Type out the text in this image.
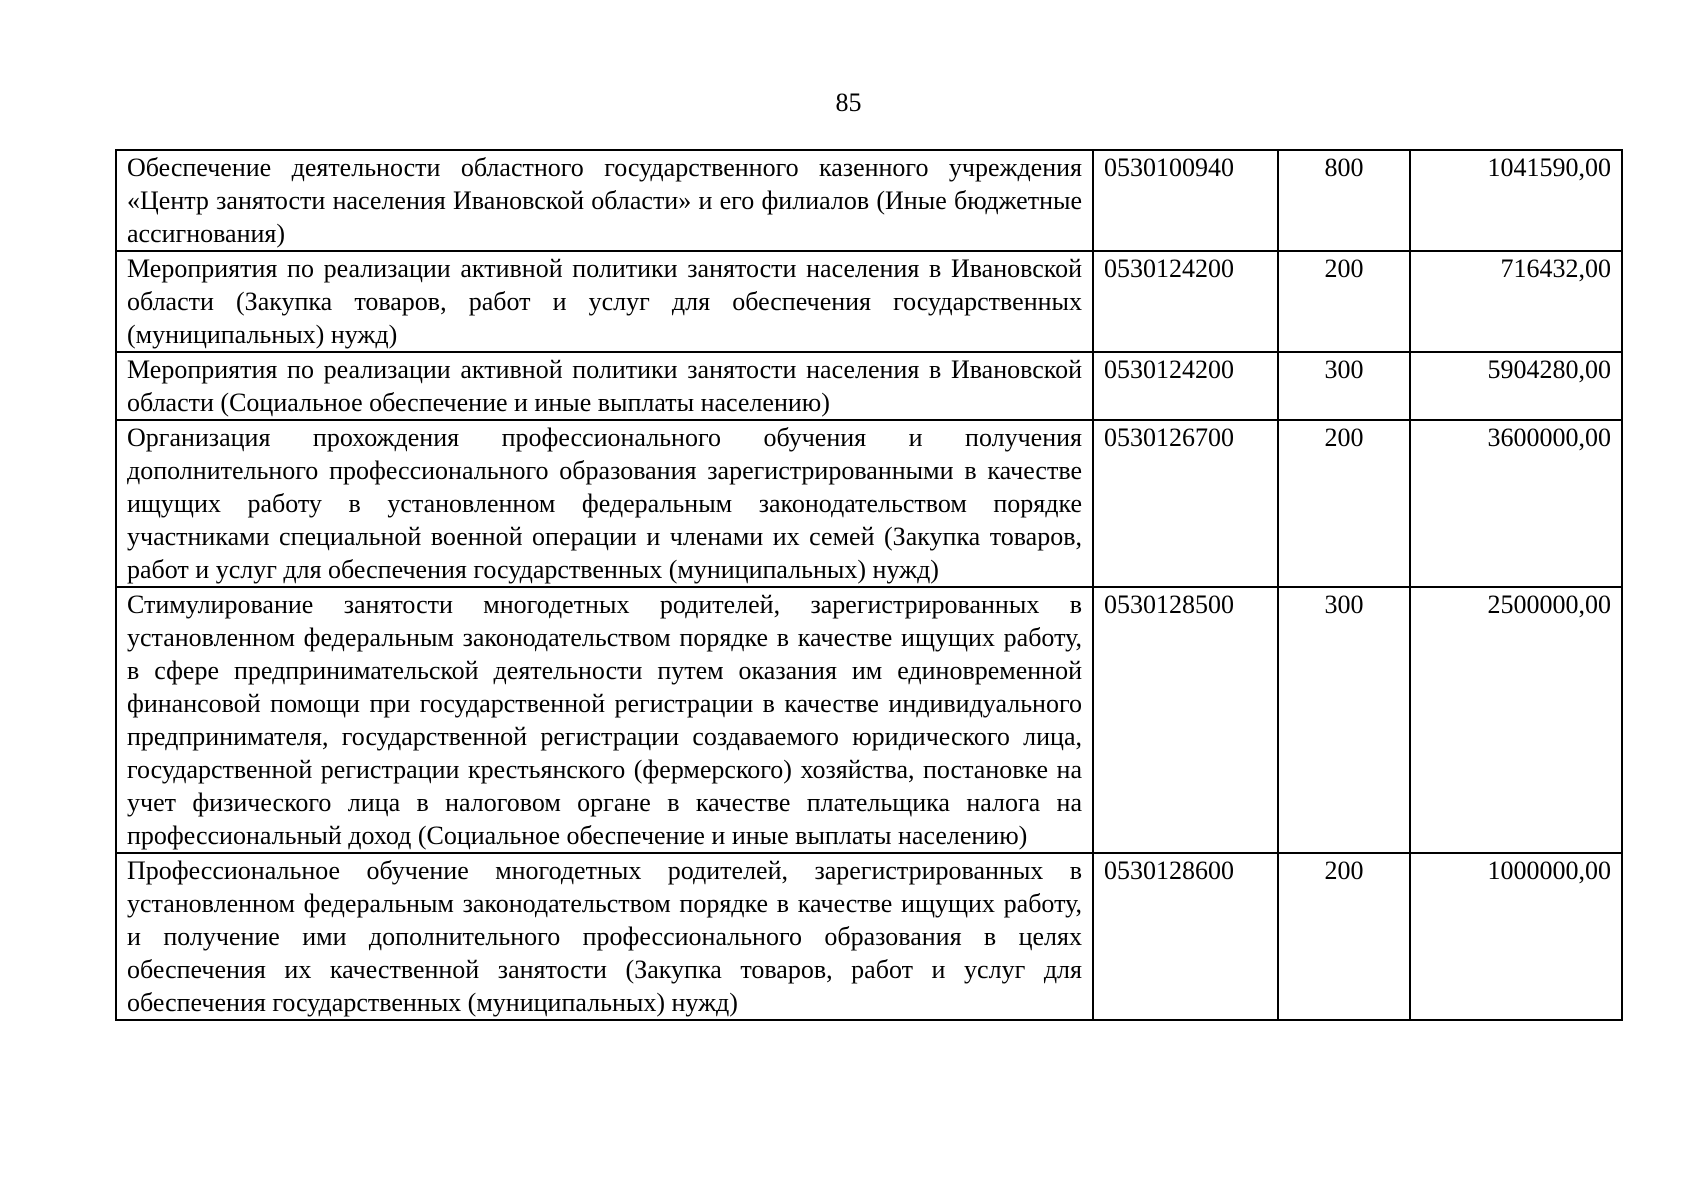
85
Обеспечение деятельности областного государственного казенного учреждения «Центр занятости населения Ивановской области» и его филиалов (Иные бюджетные ассигнования)	0530100940	800	1041590,00
Мероприятия по реализации активной политики занятости населения в Ивановской области (Закупка товаров, работ и услуг для обеспечения государственных (муниципальных) нужд)	0530124200	200	716432,00
Мероприятия по реализации активной политики занятости населения в Ивановской области (Социальное обеспечение и иные выплаты населению)	0530124200	300	5904280,00
Организация прохождения профессионального обучения и получения дополнительного профессионального образования зарегистрированными в качестве ищущих работу в установленном федеральным законодательством порядке участниками специальной военной операции и членами их семей (Закупка товаров, работ и услуг для обеспечения государственных (муниципальных) нужд)	0530126700	200	3600000,00
Стимулирование занятости многодетных родителей, зарегистрированных в установленном федеральным законодательством порядке в качестве ищущих работу, в сфере предпринимательской деятельности путем оказания им единовременной финансовой помощи при государственной регистрации в качестве индивидуального предпринимателя, государственной регистрации создаваемого юридического лица, государственной регистрации крестьянского (фермерского) хозяйства, постановке на учет физического лица в налоговом органе в качестве плательщика налога на профессиональный доход (Социальное обеспечение и иные выплаты населению)	0530128500	300	2500000,00
Профессиональное обучение многодетных родителей, зарегистрированных в установленном федеральным законодательством порядке в качестве ищущих работу, и получение ими дополнительного профессионального образования в целях обеспечения их качественной занятости (Закупка товаров, работ и услуг для обеспечения государственных (муниципальных) нужд)	0530128600	200	1000000,00
